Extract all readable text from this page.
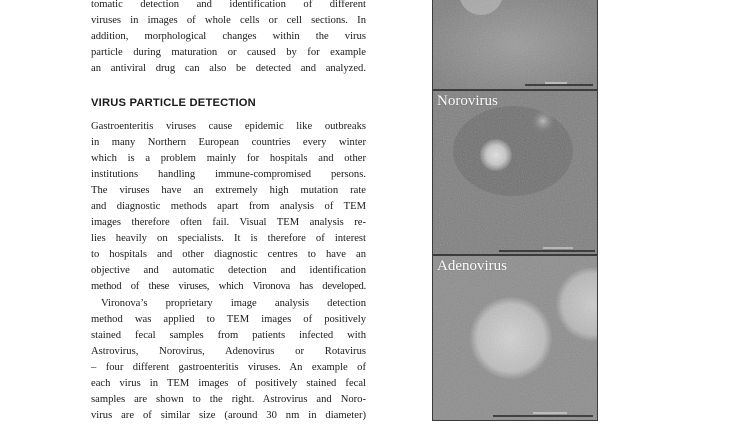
tomatic detection and identification of different

viruses in images of whole cells or cell sections. In

addition, morphological changes within the virus

particle during maturation or caused by for example

an antiviral drug can also be detected and analyzed.

VIRUS PARTICLE DETECTION

Gastroenteritis viruses cause epidemic like outbreaks

in many Northern European countries every winter

which is a problem mainly for hospitals and other

institutions handling immune-compromised persons.

The viruses have an extremely high mutation rate

and diagnostic methods apart from analysis of TEM

images therefore often fail. Visual TEM analysis re-

lies heavily on specialists. It is therefore of interest

to hospitals and other diagnostic centres to have an

objective and automatic detection and identification

method of these viruses, which Vironova has developed.

Vironova’s proprietary image analysis detection

method was applied to TEM images of positively

stained fecal samples from patients infected with

Astrovirus, Norovirus, Adenovirus or Rotavirus

– four different gastroenteritis viruses. An example of

each virus in TEM images of positively stained fecal

samples are shown to the right. Astrovirus and Noro-

virus are of similar size (around 30 nm in diameter)

Norovirus
Adenovirus
